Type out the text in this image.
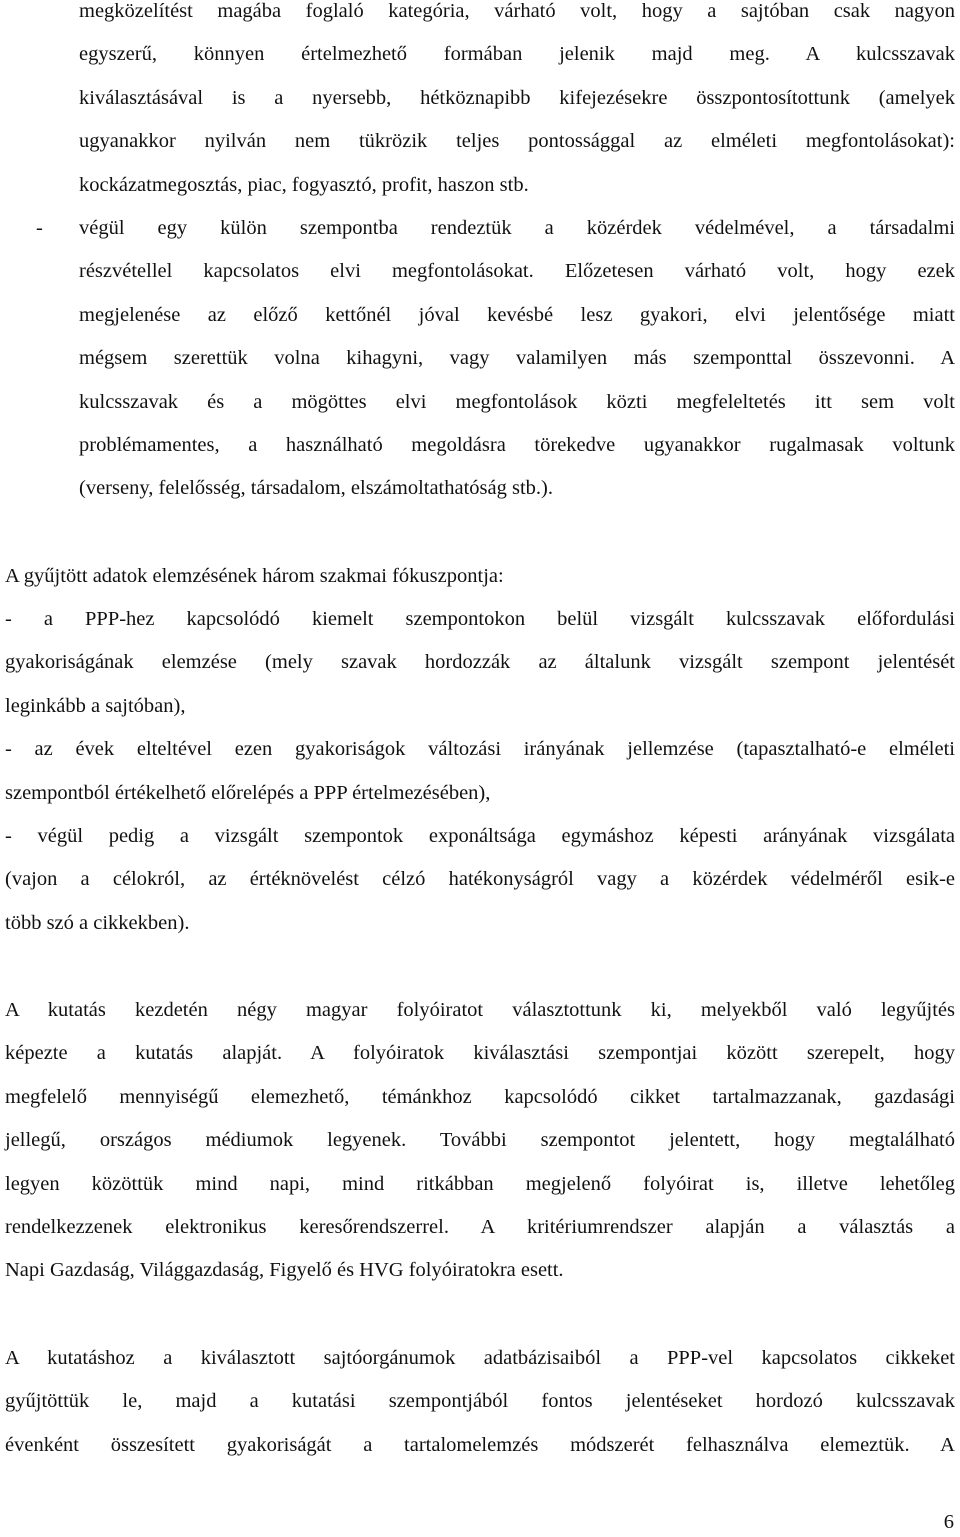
megközelítést magába foglaló kategória, várható volt, hogy a sajtóban csak nagyon
egyszerű, könnyen értelmezhető formában jelenik majd meg. A kulcsszavak
kiválasztásával is a nyersebb, hétköznapibb kifejezésekre összpontosítottunk (amelyek
ugyanakkor nyilván nem tükrözik teljes pontossággal az elméleti megfontolásokat):
kockázatmegosztás, piac, fogyasztó, profit, haszon stb.
- végül egy külön szempontba rendeztük a közérdek védelmével, a társadalmi
részvétellel kapcsolatos elvi megfontolásokat. Előzetesen várható volt, hogy ezek
megjelenése az előző kettőnél jóval kevésbé lesz gyakori, elvi jelentősége miatt
mégsem szerettük volna kihagyni, vagy valamilyen más szemponttal összevonni. A
kulcsszavak és a mögöttes elvi megfontolások közti megfeleltetés itt sem volt
problémamentes, a használható megoldásra törekedve ugyanakkor rugalmasak voltunk
(verseny, felelősség, társadalom, elszámoltathatóság stb.).
A gyűjtött adatok elemzésének három szakmai fókuszpontja:
- a PPP-hez kapcsolódó kiemelt szempontokon belül vizsgált kulcsszavak előfordulási
gyakoriságának elemzése (mely szavak hordozzák az általunk vizsgált szempont jelentését
leginkább a sajtóban),
- az évek elteltével ezen gyakoriságok változási irányának jellemzése (tapasztalható-e elméleti
szempontból értékelhető előrelépés a PPP értelmezésében),
- végül pedig a vizsgált szempontok exponáltsága egymáshoz képesti arányának vizsgálata
(vajon a célokról, az értéknövelést célzó hatékonyságról vagy a közérdek védelméről esik-e
több szó a cikkekben).
A kutatás kezdetén négy magyar folyóiratot választottunk ki, melyekből való legyűjtés
képezte a kutatás alapját. A folyóiratok kiválasztási szempontjai között szerepelt, hogy
megfelelő mennyiségű elemezhető, témánkhoz kapcsolódó cikket tartalmazzanak, gazdasági
jellegű, országos médiumok legyenek. További szempontot jelentett, hogy megtalálható
legyen közöttük mind napi, mind ritkábban megjelenő folyóirat is, illetve lehetőleg
rendelkezzenek elektronikus keresőrendszerrel. A kritériumrendszer alapján a választás a
Napi Gazdaság, Világgazdaság, Figyelő és HVG folyóiratokra esett.
A kutatáshoz a kiválasztott sajtóorgánumok adatbázisaiból a PPP-vel kapcsolatos cikkeket
gyűjtöttük le, majd a kutatási szempontjából fontos jelentéseket hordozó kulcsszavak
évenként összesített gyakoriságát a tartalomelemzés módszerét felhasználva elemeztük. A
6
